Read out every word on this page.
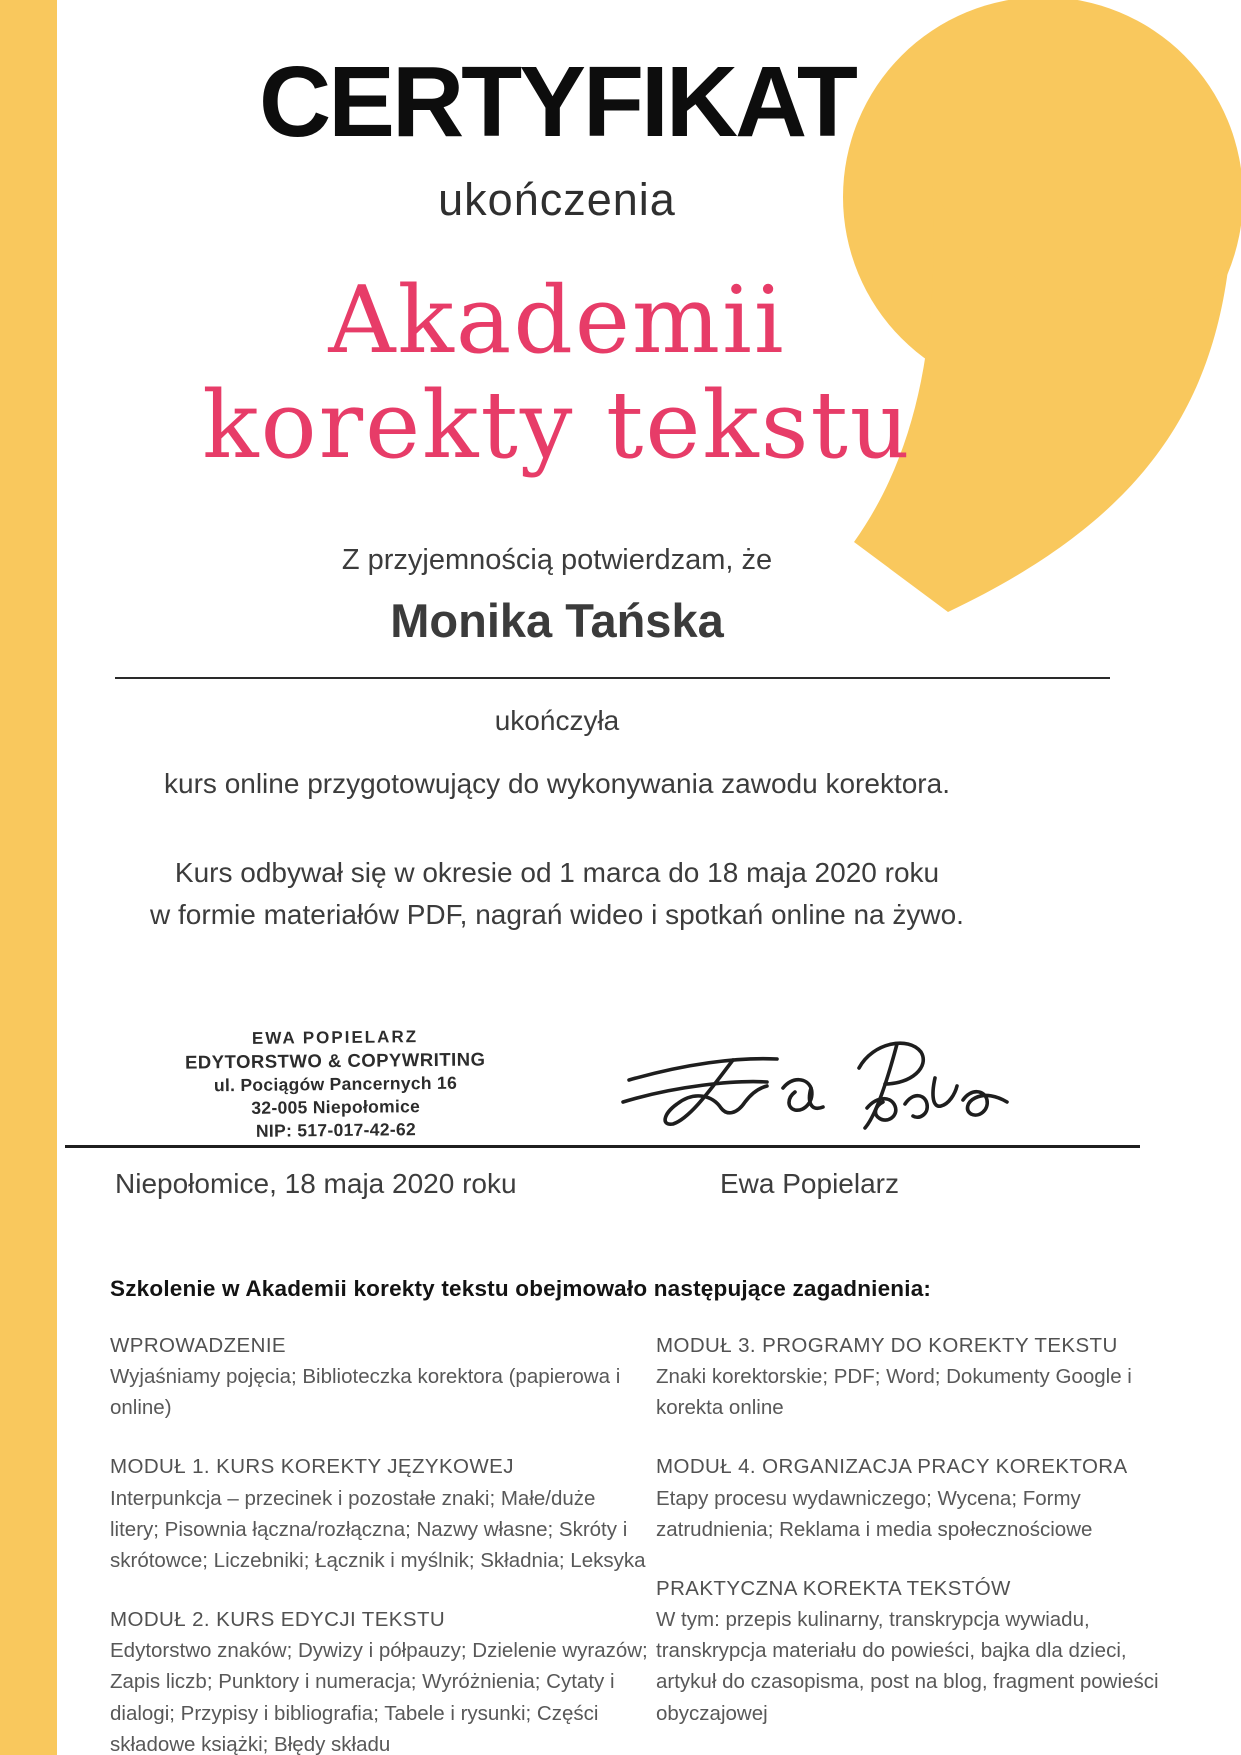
CERTYFIKAT
ukończenia
Akademii
korekty tekstu
Z przyjemnością potwierdzam, że
Monika Tańska
ukończyła
kurs online przygotowujący do wykonywania zawodu korektora.
Kurs odbywał się w okresie od 1 marca do 18 maja 2020 roku
w formie materiałów PDF, nagrań wideo i spotkań online na żywo.
EWA POPIELARZ
EDYTORSTWO & COPYWRITING
ul. Pociągów Pancernych 16
32-005 Niepołomice
NIP: 517-017-42-62
Niepołomice, 18 maja 2020 roku	Ewa Popielarz
Szkolenie w Akademii korekty tekstu obejmowało następujące zagadnienia:
WPROWADZENIE
Wyjaśniamy pojęcia; Biblioteczka korektora (papierowa i online)
MODUŁ 1. KURS KOREKTY JĘZYKOWEJ
Interpunkcja – przecinek i pozostałe znaki; Małe/duże litery; Pisownia łączna/rozłączna; Nazwy własne; Skróty i skrótowce; Liczebniki; Łącznik i myślnik; Składnia; Leksyka
MODUŁ 2. KURS EDYCJI TEKSTU
Edytorstwo znaków; Dywizy i półpauzy; Dzielenie wyrazów; Zapis liczb; Punktory i numeracja; Wyróżnienia; Cytaty i dialogi; Przypisy i bibliografia; Tabele i rysunki; Części składowe książki; Błędy składu
MODUŁ 3. PROGRAMY DO KOREKTY TEKSTU
Znaki korektorskie; PDF; Word; Dokumenty Google i korekta online
MODUŁ 4. ORGANIZACJA PRACY KOREKTORA
Etapy procesu wydawniczego; Wycena; Formy zatrudnienia; Reklama i media społecznościowe
PRAKTYCZNA KOREKTA TEKSTÓW
W tym: przepis kulinarny, transkrypcja wywiadu, transkrypcja materiału do powieści, bajka dla dzieci, artykuł do czasopisma, post na blog, fragment powieści obyczajowej
